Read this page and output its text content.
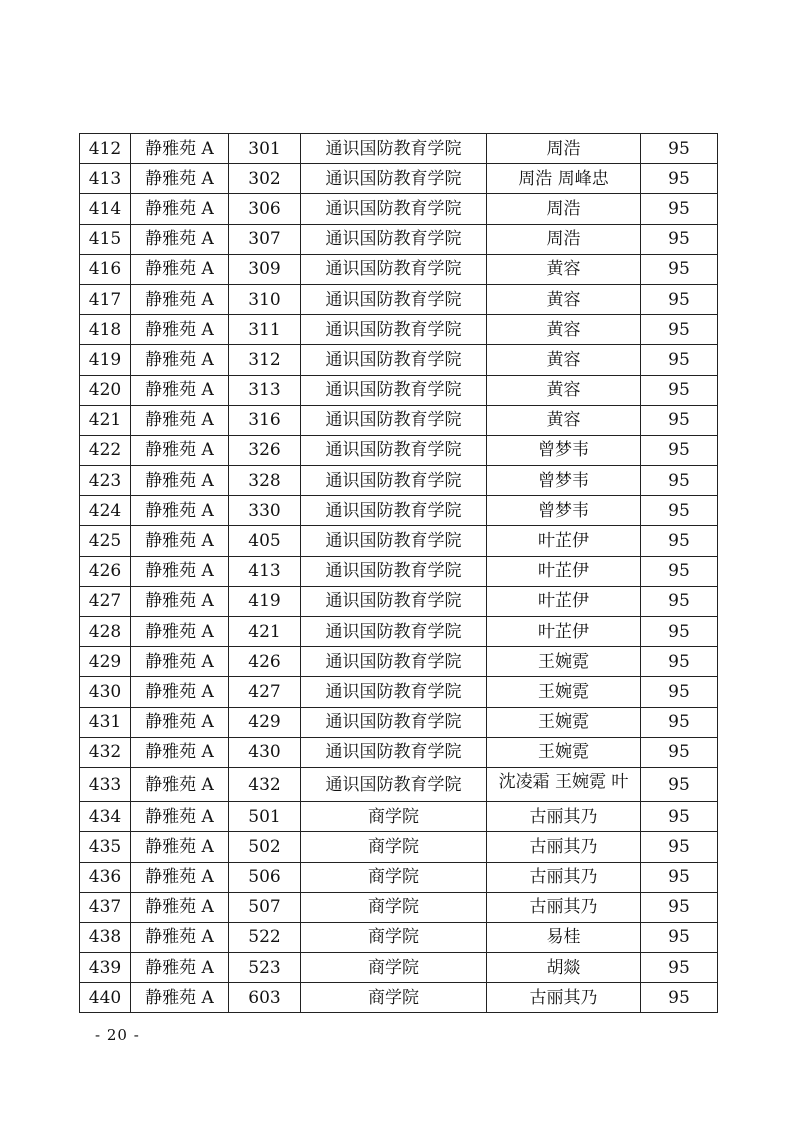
412	静雅苑 A	301	通识国防教育学院	周浩	95
413	静雅苑 A	302	通识国防教育学院	周浩 周峰忠	95
414	静雅苑 A	306	通识国防教育学院	周浩	95
415	静雅苑 A	307	通识国防教育学院	周浩	95
416	静雅苑 A	309	通识国防教育学院	黄容	95
417	静雅苑 A	310	通识国防教育学院	黄容	95
418	静雅苑 A	311	通识国防教育学院	黄容	95
419	静雅苑 A	312	通识国防教育学院	黄容	95
420	静雅苑 A	313	通识国防教育学院	黄容	95
421	静雅苑 A	316	通识国防教育学院	黄容	95
422	静雅苑 A	326	通识国防教育学院	曾梦韦	95
423	静雅苑 A	328	通识国防教育学院	曾梦韦	95
424	静雅苑 A	330	通识国防教育学院	曾梦韦	95
425	静雅苑 A	405	通识国防教育学院	叶芷伊	95
426	静雅苑 A	413	通识国防教育学院	叶芷伊	95
427	静雅苑 A	419	通识国防教育学院	叶芷伊	95
428	静雅苑 A	421	通识国防教育学院	叶芷伊	95
429	静雅苑 A	426	通识国防教育学院	王婉霓	95
430	静雅苑 A	427	通识国防教育学院	王婉霓	95
431	静雅苑 A	429	通识国防教育学院	王婉霓	95
432	静雅苑 A	430	通识国防教育学院	王婉霓	95
433	静雅苑 A	432	通识国防教育学院	沈凌霜 王婉霓 叶	95
434	静雅苑 A	501	商学院	古丽其乃	95
435	静雅苑 A	502	商学院	古丽其乃	95
436	静雅苑 A	506	商学院	古丽其乃	95
437	静雅苑 A	507	商学院	古丽其乃	95
438	静雅苑 A	522	商学院	易桂	95
439	静雅苑 A	523	商学院	胡燚	95
440	静雅苑 A	603	商学院	古丽其乃	95
- 20 -
